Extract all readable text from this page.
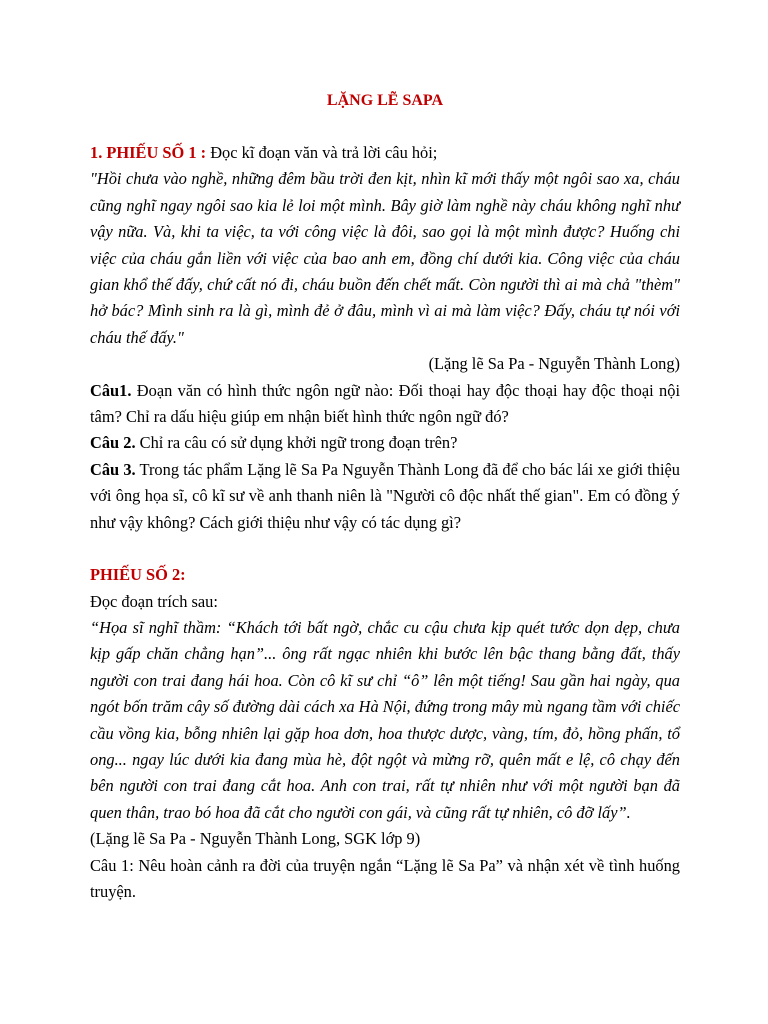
LẶNG LẼ SAPA

1. PHIẾU SỐ 1 : Đọc kĩ đoạn văn và trả lời câu hỏi;

"Hồi chưa vào nghề, những đêm bầu trời đen kịt, nhìn kĩ mới thấy một ngôi sao xa, cháu cũng nghĩ ngay ngôi sao kia lẻ loi một mình. Bây giờ làm nghề này cháu không nghĩ như vậy nữa. Và, khi ta việc, ta với công việc là đôi, sao gọi là một mình được? Huống chi việc của cháu gắn liền với việc của bao anh em, đồng chí dưới kia. Công việc của cháu gian khổ thế đấy, chứ cất nó đi, cháu buồn đến chết mất. Còn người thì ai mà chả "thèm" hở bác? Mình sinh ra là gì, mình đẻ ở đâu, mình vì ai mà làm việc? Đấy, cháu tự nói với cháu thế đấy."

(Lặng lẽ Sa Pa - Nguyễn Thành Long)

Câu1. Đoạn văn có hình thức ngôn ngữ nào: Đối thoại hay độc thoại hay độc thoại nội tâm? Chỉ ra dấu hiệu giúp em nhận biết hình thức ngôn ngữ đó?

Câu 2. Chỉ ra câu có sử dụng khởi ngữ trong đoạn trên?

Câu 3. Trong tác phẩm Lặng lẽ Sa Pa Nguyễn Thành Long đã để cho bác lái xe giới thiệu với ông họa sĩ, cô kĩ sư về anh thanh niên là "Người cô độc nhất thế gian". Em có đồng ý như vậy không? Cách giới thiệu như vậy có tác dụng gì?

PHIẾU SỐ 2:

Đọc đoạn trích sau:

“Họa sĩ nghĩ thầm: “Khách tới bất ngờ, chắc cu cậu chưa kịp quét tước dọn dẹp, chưa kịp gấp chăn chẳng hạn”... ông rất ngạc nhiên khi bước lên bậc thang bằng đất, thấy người con trai đang hái hoa. Còn cô kĩ sư chỉ “ô” lên một tiếng! Sau gần hai ngày, qua ngót bốn trăm cây số đường dài cách xa Hà Nội, đứng trong mây mù ngang tầm với chiếc cầu vồng kia, bỗng nhiên lại gặp hoa dơn, hoa thược dược, vàng, tím, đỏ, hồng phấn, tổ ong... ngay lúc dưới kia đang mùa hè, đột ngột và mừng rỡ, quên mất e lệ, cô chạy đến bên người con trai đang cắt hoa. Anh con trai, rất tự nhiên như với một người bạn đã quen thân, trao bó hoa đã cắt cho người con gái, và cũng rất tự nhiên, cô đỡ lấy”.

(Lặng lẽ Sa Pa - Nguyễn Thành Long, SGK lớp 9)

Câu 1: Nêu hoàn cảnh ra đời của truyện ngắn “Lặng lẽ Sa Pa” và nhận xét về tình huống truyện.
